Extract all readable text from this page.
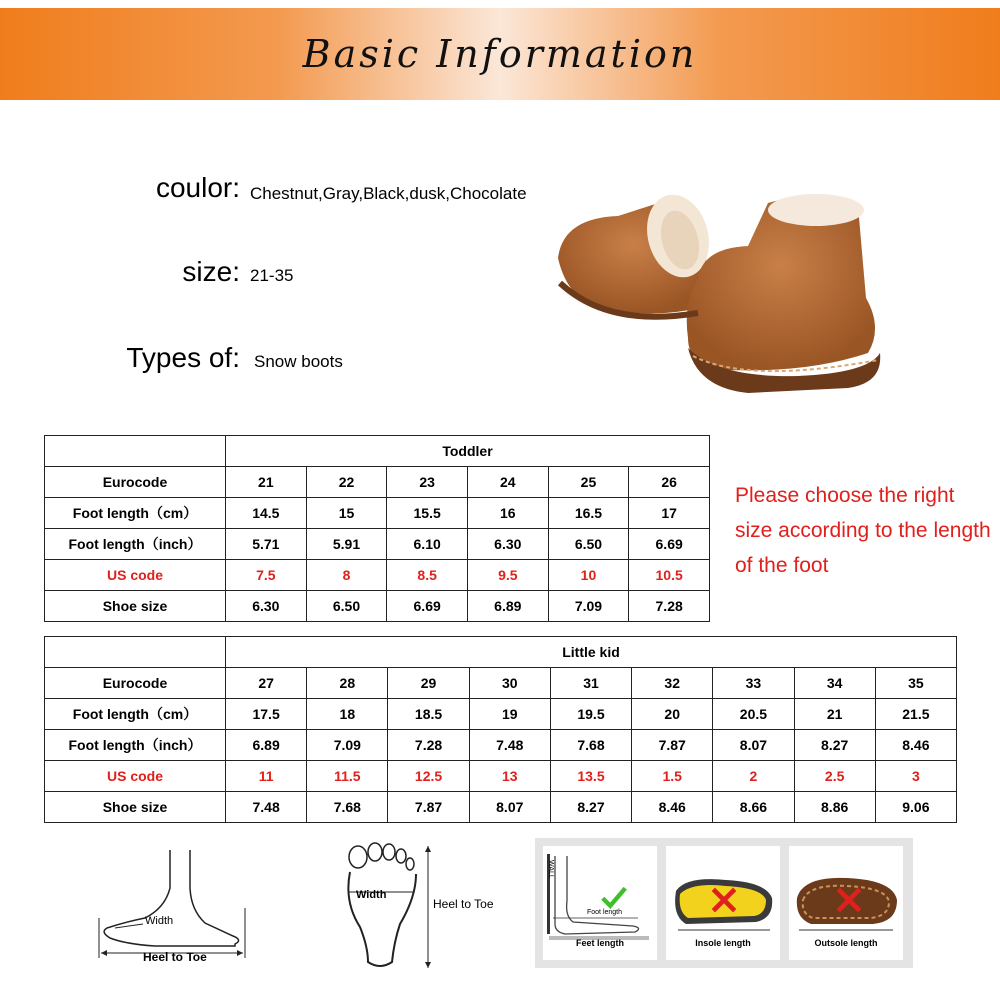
Basic Information
coulor: Chestnut,Gray,Black,dusk,Chocolate
size: 21-35
Types of: Snow boots
	Toddler					
Eurocode	21	22	23	24	25	26
Foot length（cm）	14.5	15	15.5	16	16.5	17
Foot length（inch）	5.71	5.91	6.10	6.30	6.50	6.69
US code	7.5	8	8.5	9.5	10	10.5
Shoe size	6.30	6.50	6.69	6.89	7.09	7.28
Please choose the right size according to the length of the foot
	Little kid								
Eurocode	27	28	29	30	31	32	33	34	35
Foot length（cm）	17.5	18	18.5	19	19.5	20	20.5	21	21.5
Foot length（inch）	6.89	7.09	7.28	7.48	7.68	7.87	8.07	8.27	8.46
US code	11	11.5	12.5	13	13.5	1.5	2	2.5	3
Shoe size	7.48	7.68	7.87	8.07	8.27	8.46	8.66	8.86	9.06
Width
Heel to Toe
Width
Heel to Toe
WALL
Foot length
Feet length	Insole length	Outsole length
